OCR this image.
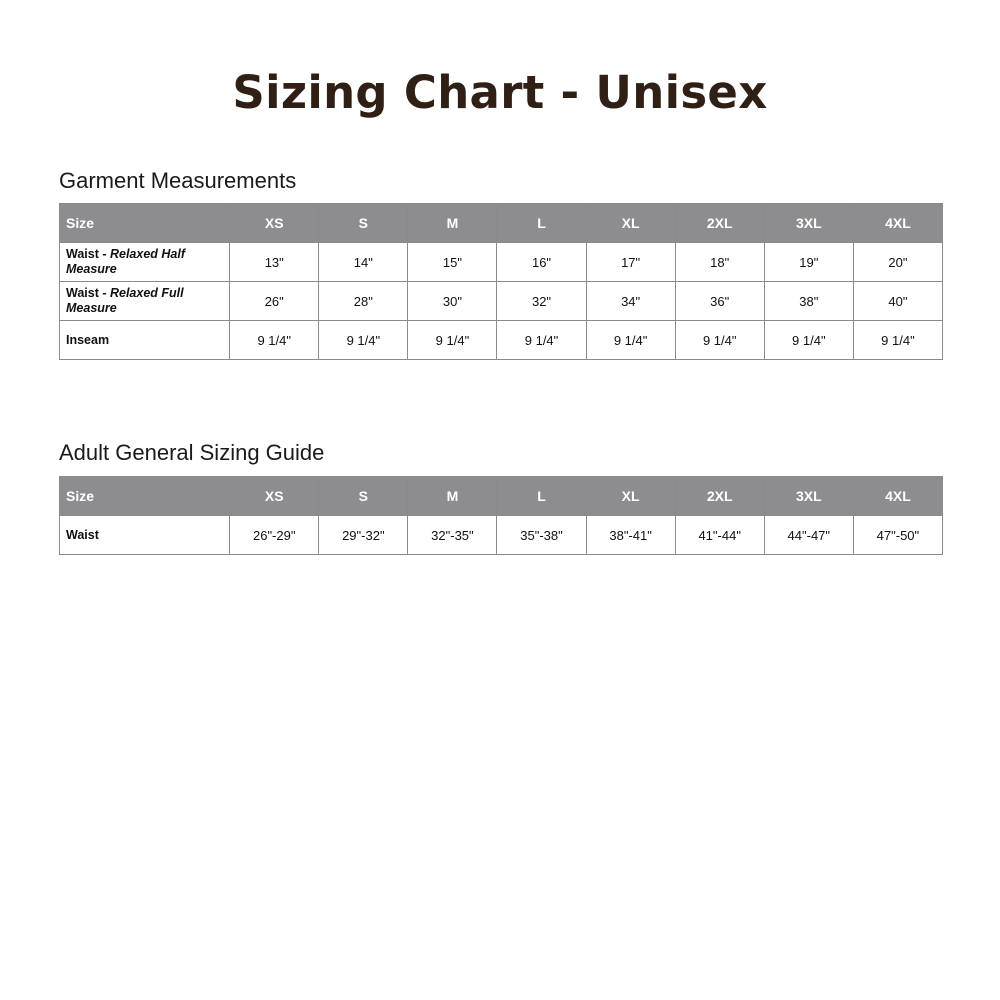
Sizing Chart - Unisex
Garment Measurements
Size	XS	S	M	L	XL	2XL	3XL	4XL
Waist - Relaxed Half Measure	13"	14"	15"	16"	17"	18"	19"	20"
Waist - Relaxed Full Measure	26"	28"	30"	32"	34"	36"	38"	40"
Inseam	9 1/4"	9 1/4"	9 1/4"	9 1/4"	9 1/4"	9 1/4"	9 1/4"	9 1/4"
Adult General Sizing Guide
Size	XS	S	M	L	XL	2XL	3XL	4XL
Waist	26"-29"	29"-32"	32"-35"	35"-38"	38"-41"	41"-44"	44"-47"	47"-50"
